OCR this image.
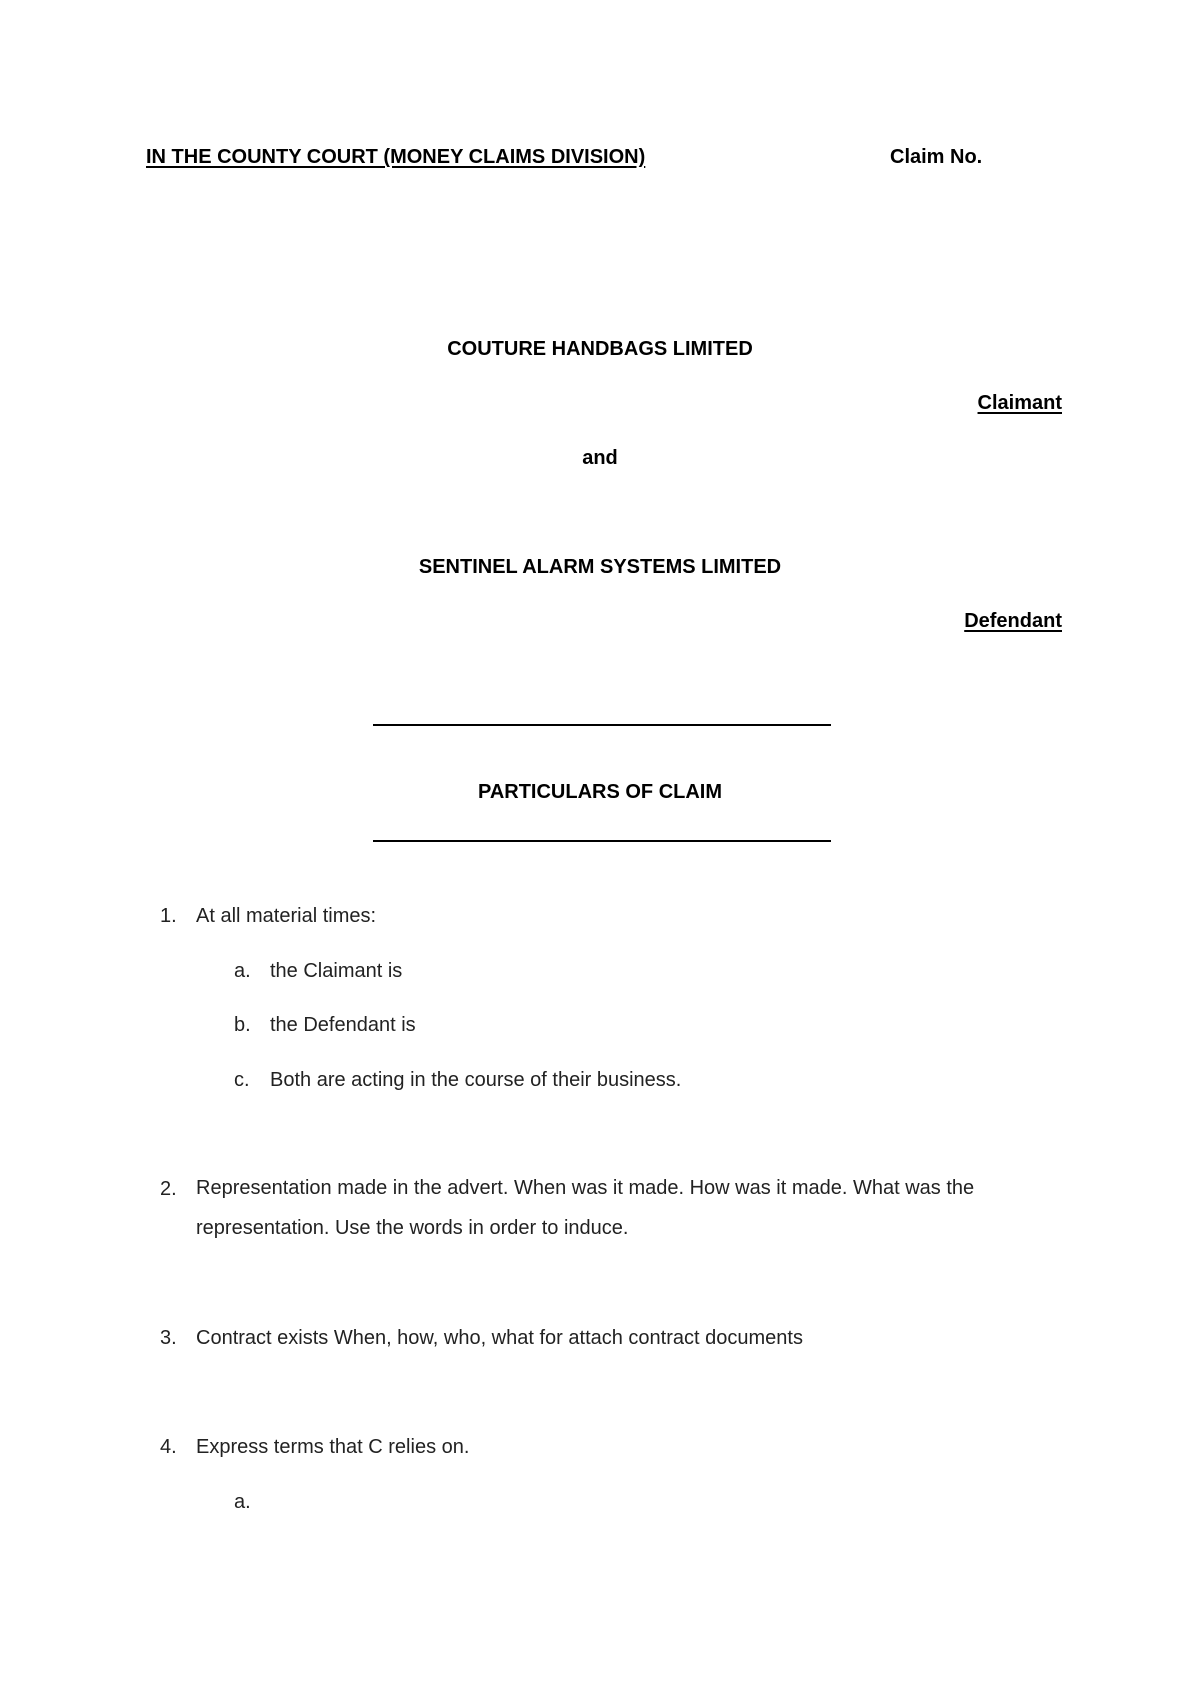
IN THE COUNTY COURT (MONEY CLAIMS DIVISION)	Claim No.
COUTURE HANDBAGS LIMITED
Claimant
and
SENTINEL ALARM SYSTEMS LIMITED
Defendant
PARTICULARS OF CLAIM
1. At all material times:
a. the Claimant is
b. the Defendant is
c. Both are acting in the course of their business.
2. Representation made in the advert. When was it made. How was it made. What was the representation. Use the words in order to induce.
3. Contract exists When, how, who, what for attach contract documents
4. Express terms that C relies on.
a.
